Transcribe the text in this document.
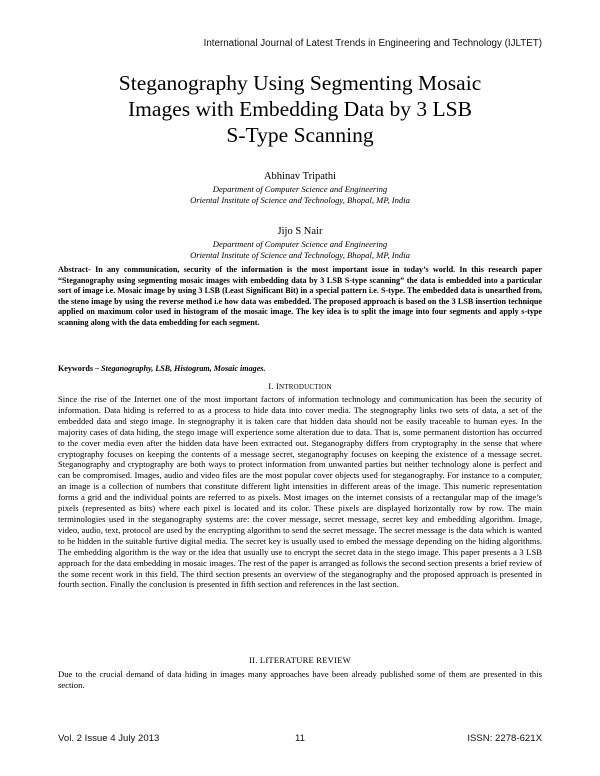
International Journal of Latest Trends in Engineering and Technology (IJLTET)
Steganography Using Segmenting Mosaic
Images with Embedding Data by 3 LSB
S-Type Scanning
Abhinav Tripathi
Department of Computer Science and Engineering
Oriental Institute of Science and Technology, Bhopal, MP, India
Jijo S Nair
Department of Computer Science and Engineering
Oriental Institute of Science and Technology, Bhopal, MP, India

Abstract- In any communication, security of the information is the most important issue in today’s world. In this research paper “Steganography using segmenting mosaic images with embedding data by 3 LSB S-type scanning” the data is embedded into a particular sort of image i.e. Mosaic image by using 3 LSB (Least Significant Bit) in a special pattern i.e. S-type. The embedded data is unearthed from, the steno image by using the reverse method i.e how data was embedded. The proposed approach is based on the 3 LSB insertion technique applied on maximum color used in histogram of the mosaic image. The key idea is to split the image into four segments and apply s-type scanning along with the data embedding for each segment.

Keywords – Steganography, LSB, Histogram, Mosaic images.

I. INTRODUCTION

Since the rise of the Internet one of the most important factors of information technology and communication has been the security of information. Data hiding is referred to as a process to hide data into cover media. The stegnography links two sets of data, a set of the embedded data and stego image. In stegnography it is taken care that hidden data should not be easily traceable to human eyes. In the majority cases of data hiding, the stego image will experience some alteration due to data. That is, some permanent distortion has occurred to the cover media even after the hidden data have been extracted out. Steganography differs from cryptography in the sense that where cryptography focuses on keeping the contents of a message secret, steganography focuses on keeping the existence of a message secret. Steganography and cryptography are both ways to protect information from unwanted parties but neither technology alone is perfect and can be compromised. Images, audio and video files are the most popular cover objects used for steganography. For instance to a computer, an image is a collection of numbers that constitute different light intensities in different areas of the image. This numeric representation forms a grid and the individual points are referred to as pixels. Most images on the internet consists of a rectangular map of the image’s pixels (represented as bits) where each pixel is located and its color. These pixels are displayed horizontally row by row. The main terminologies used in the steganography systems are: the cover message, secret message, secret key and embedding algorithm. Image, video, audio, text, protocol are used by the encrypting algorithm to send the secret message. The secret message is the data which is wanted to be hidden in the suitable furtive digital media. The secret key is usually used to embed the message depending on the hiding algorithms. The embedding algorithm is the way or the idea that usually use to encrypt the secret data in the stego image. This paper presents a 3 LSB approach for the data embedding in mosaic images. The rest of the paper is arranged as follows the second section presents a brief review of the some recent work in this field. The third section presents an overview of the steganography and the proposed approach is presented in fourth section. Finally the conclusion is presented in fifth section and references in the last section.

II. LITERATURE REVIEW

Due to the crucial demand of data hiding in images many approaches have been already published some of them are presented in this section.

Vol. 2 Issue 4 July 2013	11	ISSN: 2278-621X
